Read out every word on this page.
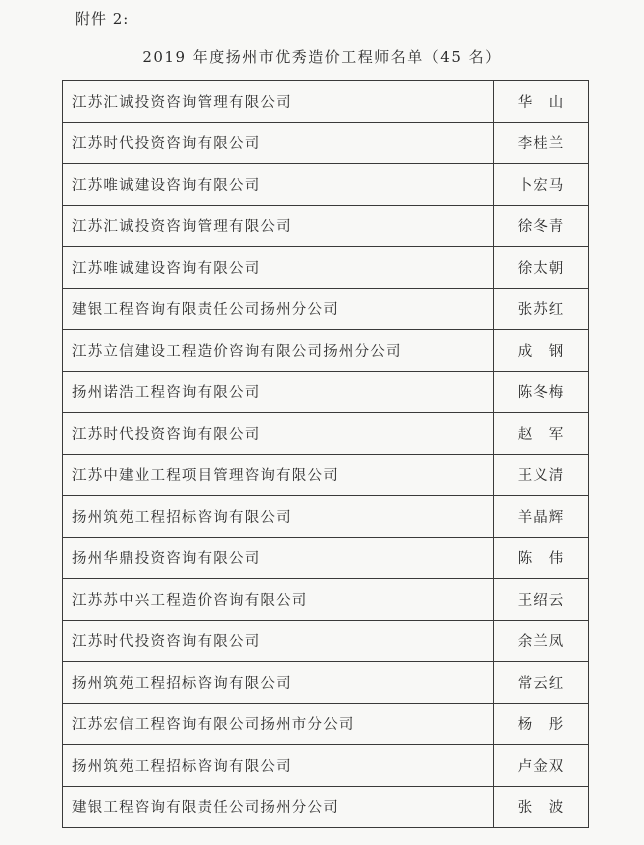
附件 2:
2019 年度扬州市优秀造价工程师名单（45 名）
江苏汇诚投资咨询管理有限公司	华　山
江苏时代投资咨询有限公司	李桂兰
江苏唯诚建设咨询有限公司	卜宏马
江苏汇诚投资咨询管理有限公司	徐冬青
江苏唯诚建设咨询有限公司	徐太朝
建银工程咨询有限责任公司扬州分公司	张苏红
江苏立信建设工程造价咨询有限公司扬州分公司	成　钢
扬州诺浩工程咨询有限公司	陈冬梅
江苏时代投资咨询有限公司	赵　军
江苏中建业工程项目管理咨询有限公司	王义清
扬州筑苑工程招标咨询有限公司	羊晶辉
扬州华鼎投资咨询有限公司	陈　伟
江苏苏中兴工程造价咨询有限公司	王绍云
江苏时代投资咨询有限公司	余兰凤
扬州筑苑工程招标咨询有限公司	常云红
江苏宏信工程咨询有限公司扬州市分公司	杨　彤
扬州筑苑工程招标咨询有限公司	卢金双
建银工程咨询有限责任公司扬州分公司	张　波
